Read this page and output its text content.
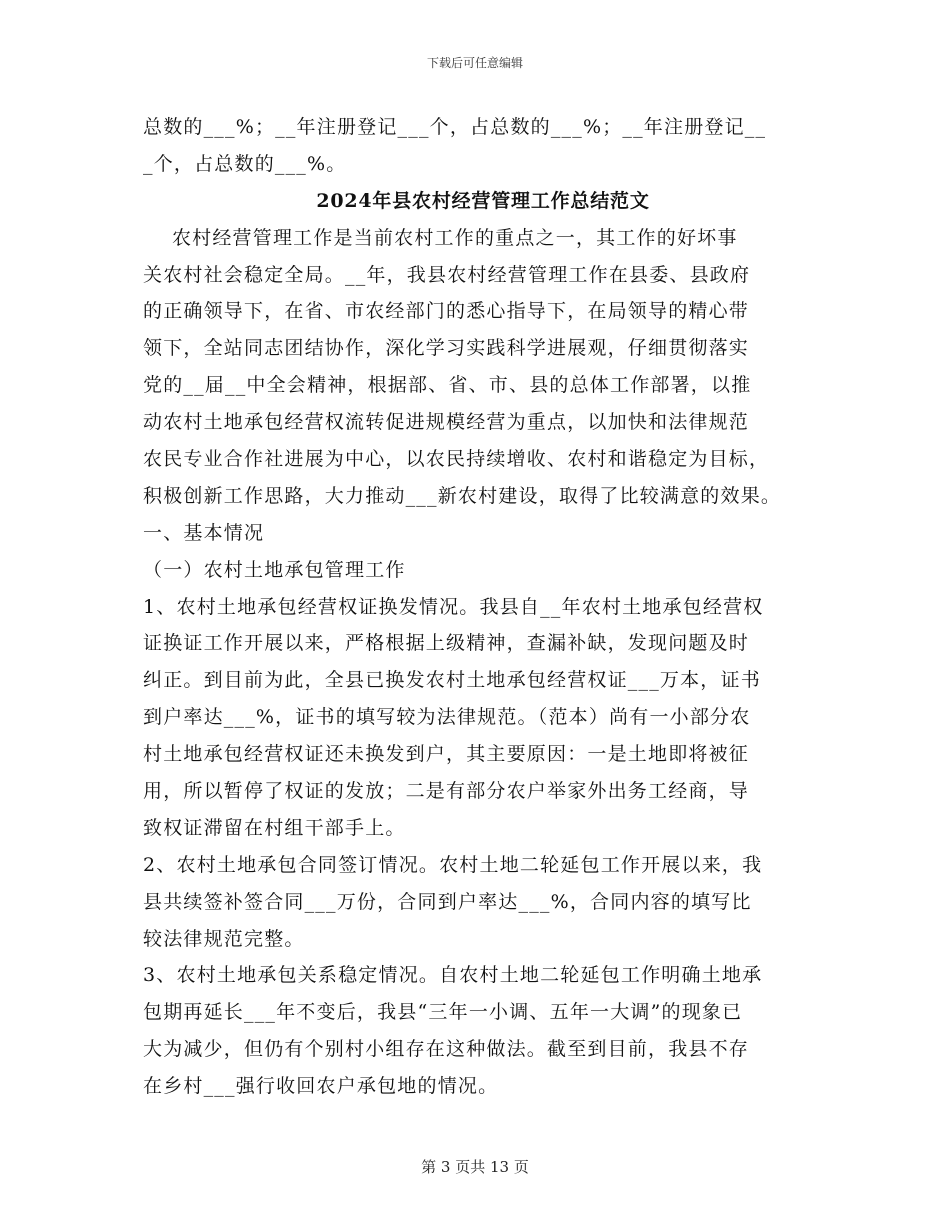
下载后可任意编辑
总数的___%；__年注册登记___个，占总数的___%；__年注册登记__
_个，占总数的___%。
2024年县农村经营管理工作总结范文
农村经营管理工作是当前农村工作的重点之一，其工作的好坏事
关农村社会稳定全局。__年，我县农村经营管理工作在县委、县政府
的正确领导下，在省、市农经部门的悉心指导下，在局领导的精心带
领下，全站同志团结协作，深化学习实践科学进展观，仔细贯彻落实
党的__届__中全会精神，根据部、省、市、县的总体工作部署，以推
动农村土地承包经营权流转促进规模经营为重点，以加快和法律规范
农民专业合作社进展为中心，以农民持续增收、农村和谐稳定为目标，
积极创新工作思路，大力推动___新农村建设，取得了比较满意的效果。
一、基本情况
（一）农村土地承包管理工作
1、农村土地承包经营权证换发情况。我县自__年农村土地承包经营权
证换证工作开展以来，严格根据上级精神，查漏补缺，发现问题及时
纠正。到目前为此，全县已换发农村土地承包经营权证___万本，证书
到户率达___%，证书的填写较为法律规范。（范本）尚有一小部分农
村土地承包经营权证还未换发到户，其主要原因：一是土地即将被征
用，所以暂停了权证的发放；二是有部分农户举家外出务工经商，导
致权证滞留在村组干部手上。
2、农村土地承包合同签订情况。农村土地二轮延包工作开展以来，我
县共续签补签合同___万份，合同到户率达___%，合同内容的填写比
较法律规范完整。
3、农村土地承包关系稳定情况。自农村土地二轮延包工作明确土地承
包期再延长___年不变后，我县“三年一小调、五年一大调”的现象已
大为减少，但仍有个别村小组存在这种做法。截至到目前，我县不存
在乡村___强行收回农户承包地的情况。
第 3 页共 13 页
